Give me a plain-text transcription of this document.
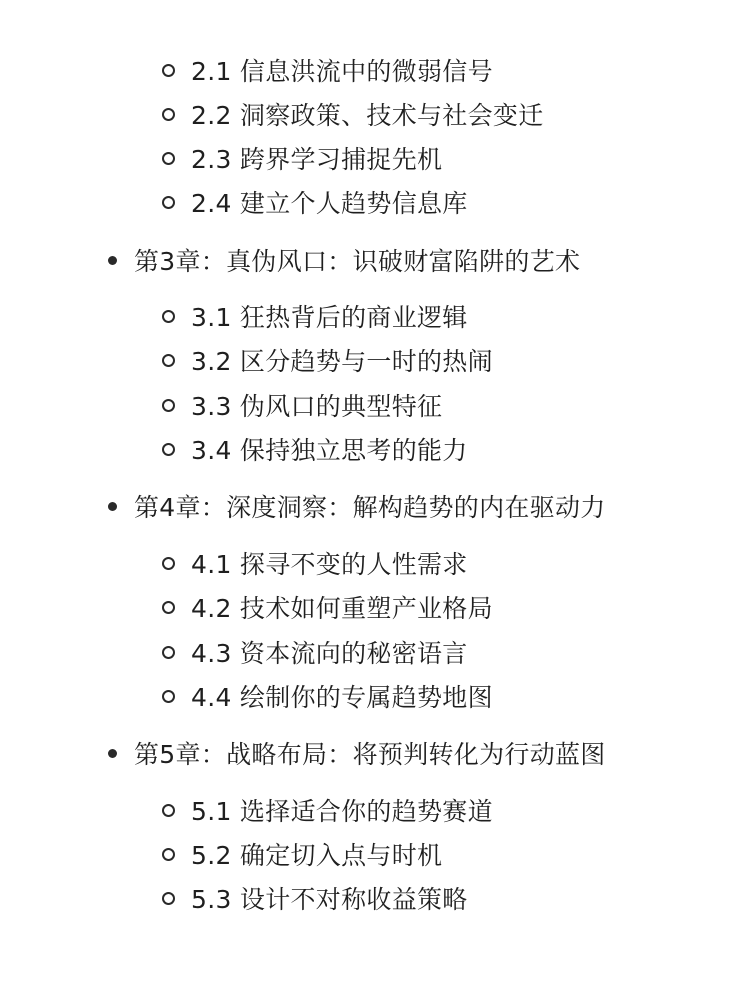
2.1 信息洪流中的微弱信号
2.2 洞察政策、技术与社会变迁
2.3 跨界学习捕捉先机
2.4 建立个人趋势信息库
第3章：真伪风口：识破财富陷阱的艺术
3.1 狂热背后的商业逻辑
3.2 区分趋势与一时的热闹
3.3 伪风口的典型特征
3.4 保持独立思考的能力
第4章：深度洞察：解构趋势的内在驱动力
4.1 探寻不变的人性需求
4.2 技术如何重塑产业格局
4.3 资本流向的秘密语言
4.4 绘制你的专属趋势地图
第5章：战略布局：将预判转化为行动蓝图
5.1 选择适合你的趋势赛道
5.2 确定切入点与时机
5.3 设计不对称收益策略
